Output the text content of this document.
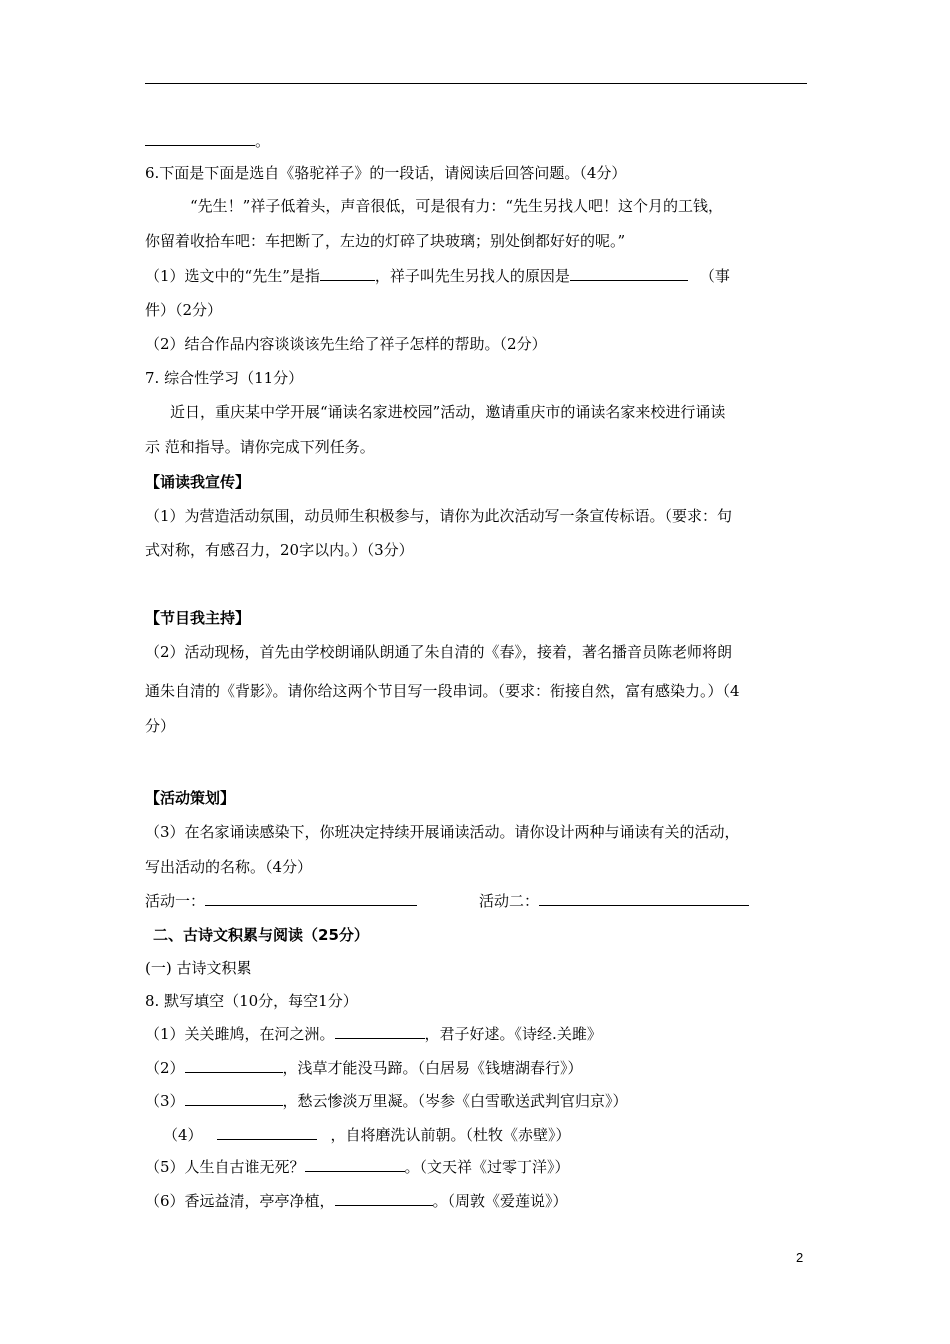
。
6.下面是下面是选自《骆驼祥子》的一段话，请阅读后回答问题。（4分）
“先生！”祥子低着头，声音很低，可是很有力：“先生另找人吧！这个月的工钱，
你留着收拾车吧：车把断了，左边的灯碎了块玻璃；别处倒都好好的呢。”
（1）选文中的“先生”是指	，祥子叫先生另找人的原因是	（事
件）（2分）
（2）结合作品内容谈谈该先生给了祥子怎样的帮助。（2分）
7. 综合性学习（11分）
近日，重庆某中学开展“诵读名家进校园”活动，邀请重庆市的诵读名家来校进行诵读
示 范和指导。请你完成下列任务。
【诵读我宣传】
（1）为营造活动氛围，动员师生积极参与，请你为此次活动写一条宣传标语。（要求：句
式对称，有感召力，20字以内。）（3分）
【节目我主持】
（2）活动现杨，首先由学校朗诵队朗通了朱自清的《春》，接着，著名播音员陈老师将朗
通朱自清的《背影》。请你给这两个节目写一段串词。（要求：衔接自然，富有感染力。）（4
分）
【活动策划】
（3）在名家诵读感染下，你班决定持续开展诵读活动。请你设计两种与诵读有关的活动，
写出活动的名称。（4分）
活动一：	活动二：
二、古诗文积累与阅读（25分）
(一) 古诗文积累
8. 默写填空（10分，每空1分）
（1）关关雎鸠，在河之洲。	，君子好逑。《诗经.关雎》
（2）	，浅草才能没马蹄。（白居易《钱塘湖春行》）
（3）	，愁云惨淡万里凝。（岑参《白雪歌送武判官归京》）
（4）	，自将磨洗认前朝。（杜牧《赤壁》）
（5）人生自古谁无死？	。（文天祥《过零丁洋》）
（6）香远益清，亭亭净植，	。（周敦《爱莲说》）
2
